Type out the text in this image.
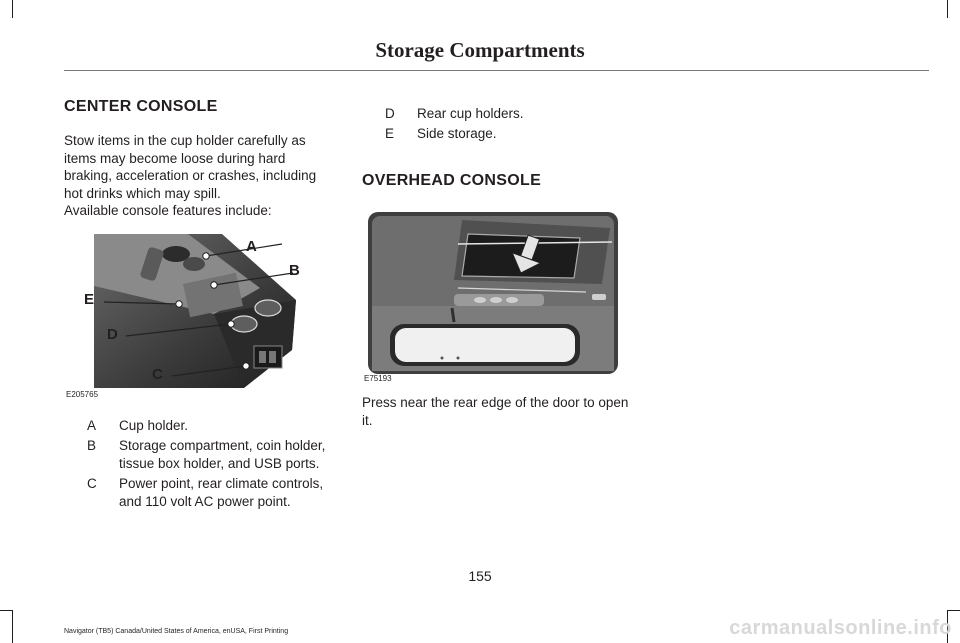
Storage Compartments
CENTER CONSOLE
Stow items in the cup holder carefully as items may become loose during hard braking, acceleration or crashes, including hot drinks which may spill.
Available console features include:
A
B
E
D
C
E205765
A Cup holder.
B Storage compartment, coin holder, tissue box holder, and USB ports.
C Power point, rear climate controls, and 110 volt AC power point.
D Rear cup holders.
E Side storage.
OVERHEAD CONSOLE
E75193
Press near the rear edge of the door to open it.
155
Navigator (TB5) Canada/United States of America, enUSA, First Printing	carmanualsonline.info
